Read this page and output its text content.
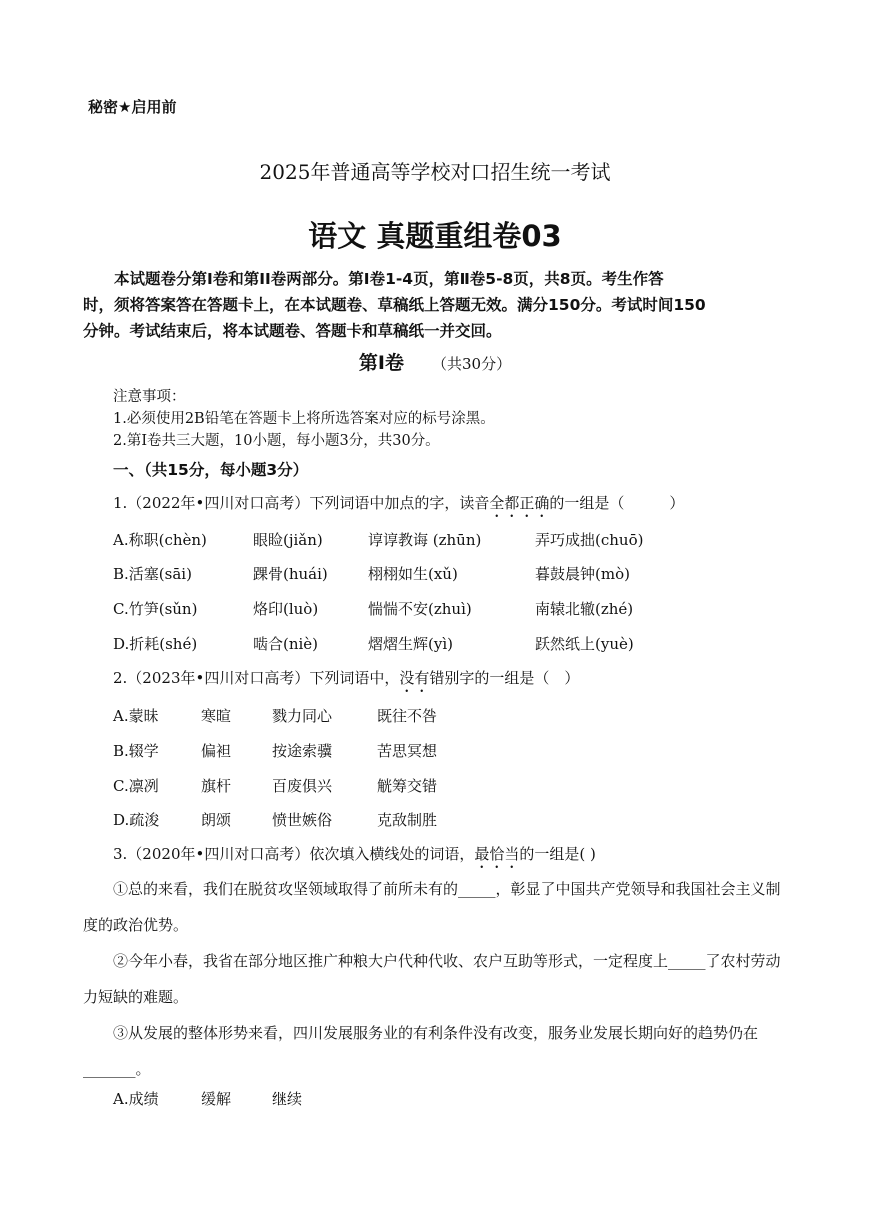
秘密★启用前
2025年普通高等学校对口招生统一考试
语文 真题重组卷03

本试题卷分第Ⅰ卷和第ⅠⅠ卷两部分。第Ⅰ卷1-4页，第Ⅱ卷5-8页，共8页。考生作答

时，须将答案答在答题卡上，在本试题卷、草稿纸上答题无效。满分150分。考试时间150

分钟。考试结束后，将本试题卷、答题卡和草稿纸一并交回。

第Ⅰ卷 （共30分）
注意事项：
1.必须使用2B铅笔在答题卡上将所选答案对应的标号涂黑。
2.第Ⅰ卷共三大题，10小题，每小题3分，共30分。
一、（共15分，每小题3分）
1.（2022年•四川对口高考）下列词语中加点的字，读音全都正确的一组是（　　　）
A.称职(chèn)	眼睑(jiǎn)	谆谆教诲 (zhūn)	弄巧成拙(chuō)
B.活塞(sāi)	踝骨(huái)	栩栩如生(xǔ)	暮鼓晨钟(mò)
C.竹笋(sǔn)	烙印(luò)	惴惴不安(zhuì)	南辕北辙(zhé)
D.折耗(shé)	啮合(niè)	熠熠生辉(yì)	跃然纸上(yuè)
2.（2023年•四川对口高考）下列词语中，没有错别字的一组是（　）
A.蒙昧	寒暄	戮力同心	既往不咎
B.辍学	偏袒	按途索骥	苦思冥想
C.凛冽	旗杆	百废俱兴	觥筹交错
D.疏浚	朗颂	愤世嫉俗	克敌制胜
3.（2020年•四川对口高考）依次填入横线处的词语，最恰当的一组是( )

①总的来看，我们在脱贫攻坚领域取得了前所未有的_____，彰显了中国共产党领导和我国社会主义制度的政治优势。

②今年小春，我省在部分地区推广种粮大户代种代收、农户互助等形式，一定程度上_____了农村劳动力短缺的难题。

③从发展的整体形势来看，四川发展服务业的有利条件没有改变，服务业发展长期向好的趋势仍在_______。

A.成绩	缓解	继续
